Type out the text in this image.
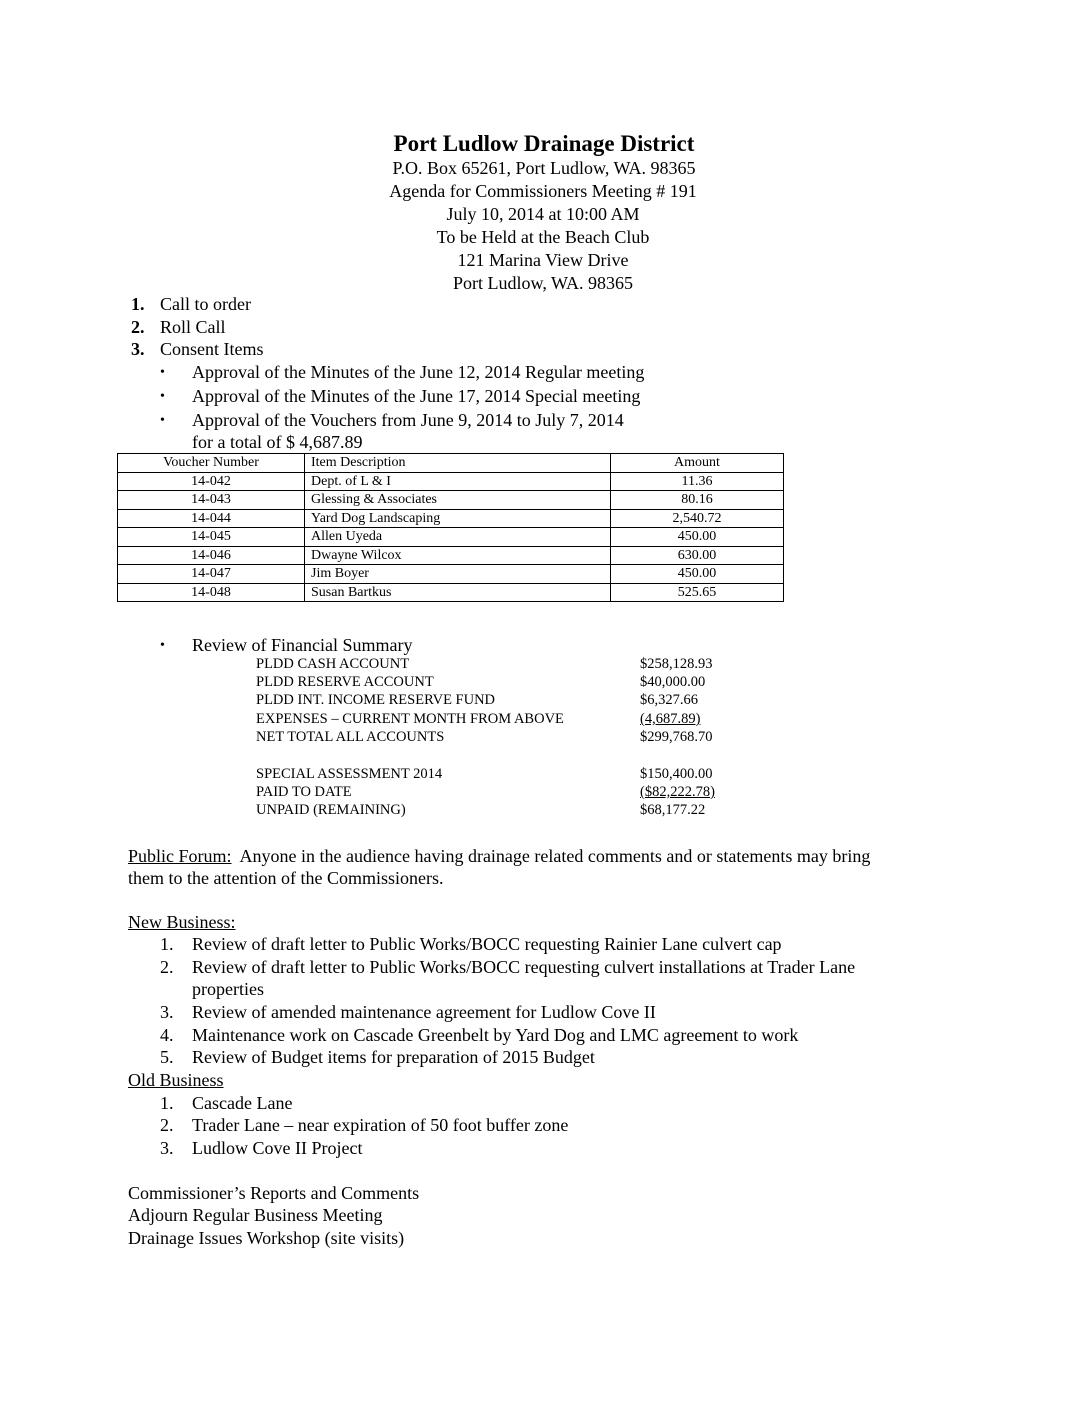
Port Ludlow Drainage District
P.O. Box 65261, Port Ludlow, WA. 98365
Agenda for Commissioners Meeting # 191
July 10, 2014 at 10:00 AM
To be Held at the Beach Club
121 Marina View Drive
Port Ludlow, WA. 98365
1. Call to order
2. Roll Call
3. Consent Items
• Approval of the Minutes of the June 12, 2014 Regular meeting
• Approval of the Minutes of the June 17, 2014 Special meeting
• Approval of the Vouchers from June 9, 2014 to July 7, 2014
for a total of $ 4,687.89
Voucher Number	Item Description	Amount
14-042	Dept. of L & I	11.36
14-043	Glessing & Associates	80.16
14-044	Yard Dog Landscaping	2,540.72
14-045	Allen Uyeda	450.00
14-046	Dwayne Wilcox	630.00
14-047	Jim Boyer	450.00
14-048	Susan Bartkus	525.65
• Review of Financial Summary
PLDD CASH ACCOUNT	$258,128.93
PLDD RESERVE ACCOUNT	$40,000.00
PLDD INT. INCOME RESERVE FUND	$6,327.66
EXPENSES – CURRENT MONTH FROM ABOVE	(4,687.89)
NET TOTAL ALL ACCOUNTS	$299,768.70
SPECIAL ASSESSMENT 2014	$150,400.00
PAID TO DATE	($82,222.78)
UNPAID (REMAINING)	$68,177.22
Public Forum:  Anyone in the audience having drainage related comments and or statements may bring
them to the attention of the Commissioners.
New Business:
1. Review of draft letter to Public Works/BOCC requesting Rainier Lane culvert cap
2. Review of draft letter to Public Works/BOCC requesting culvert installations at Trader Lane
properties
3. Review of amended maintenance agreement for Ludlow Cove II
4. Maintenance work on Cascade Greenbelt by Yard Dog and LMC agreement to work
5. Review of Budget items for preparation of 2015 Budget
Old Business
1. Cascade Lane
2. Trader Lane – near expiration of 50 foot buffer zone
3. Ludlow Cove II Project
Commissioner’s Reports and Comments
Adjourn Regular Business Meeting
Drainage Issues Workshop (site visits)
